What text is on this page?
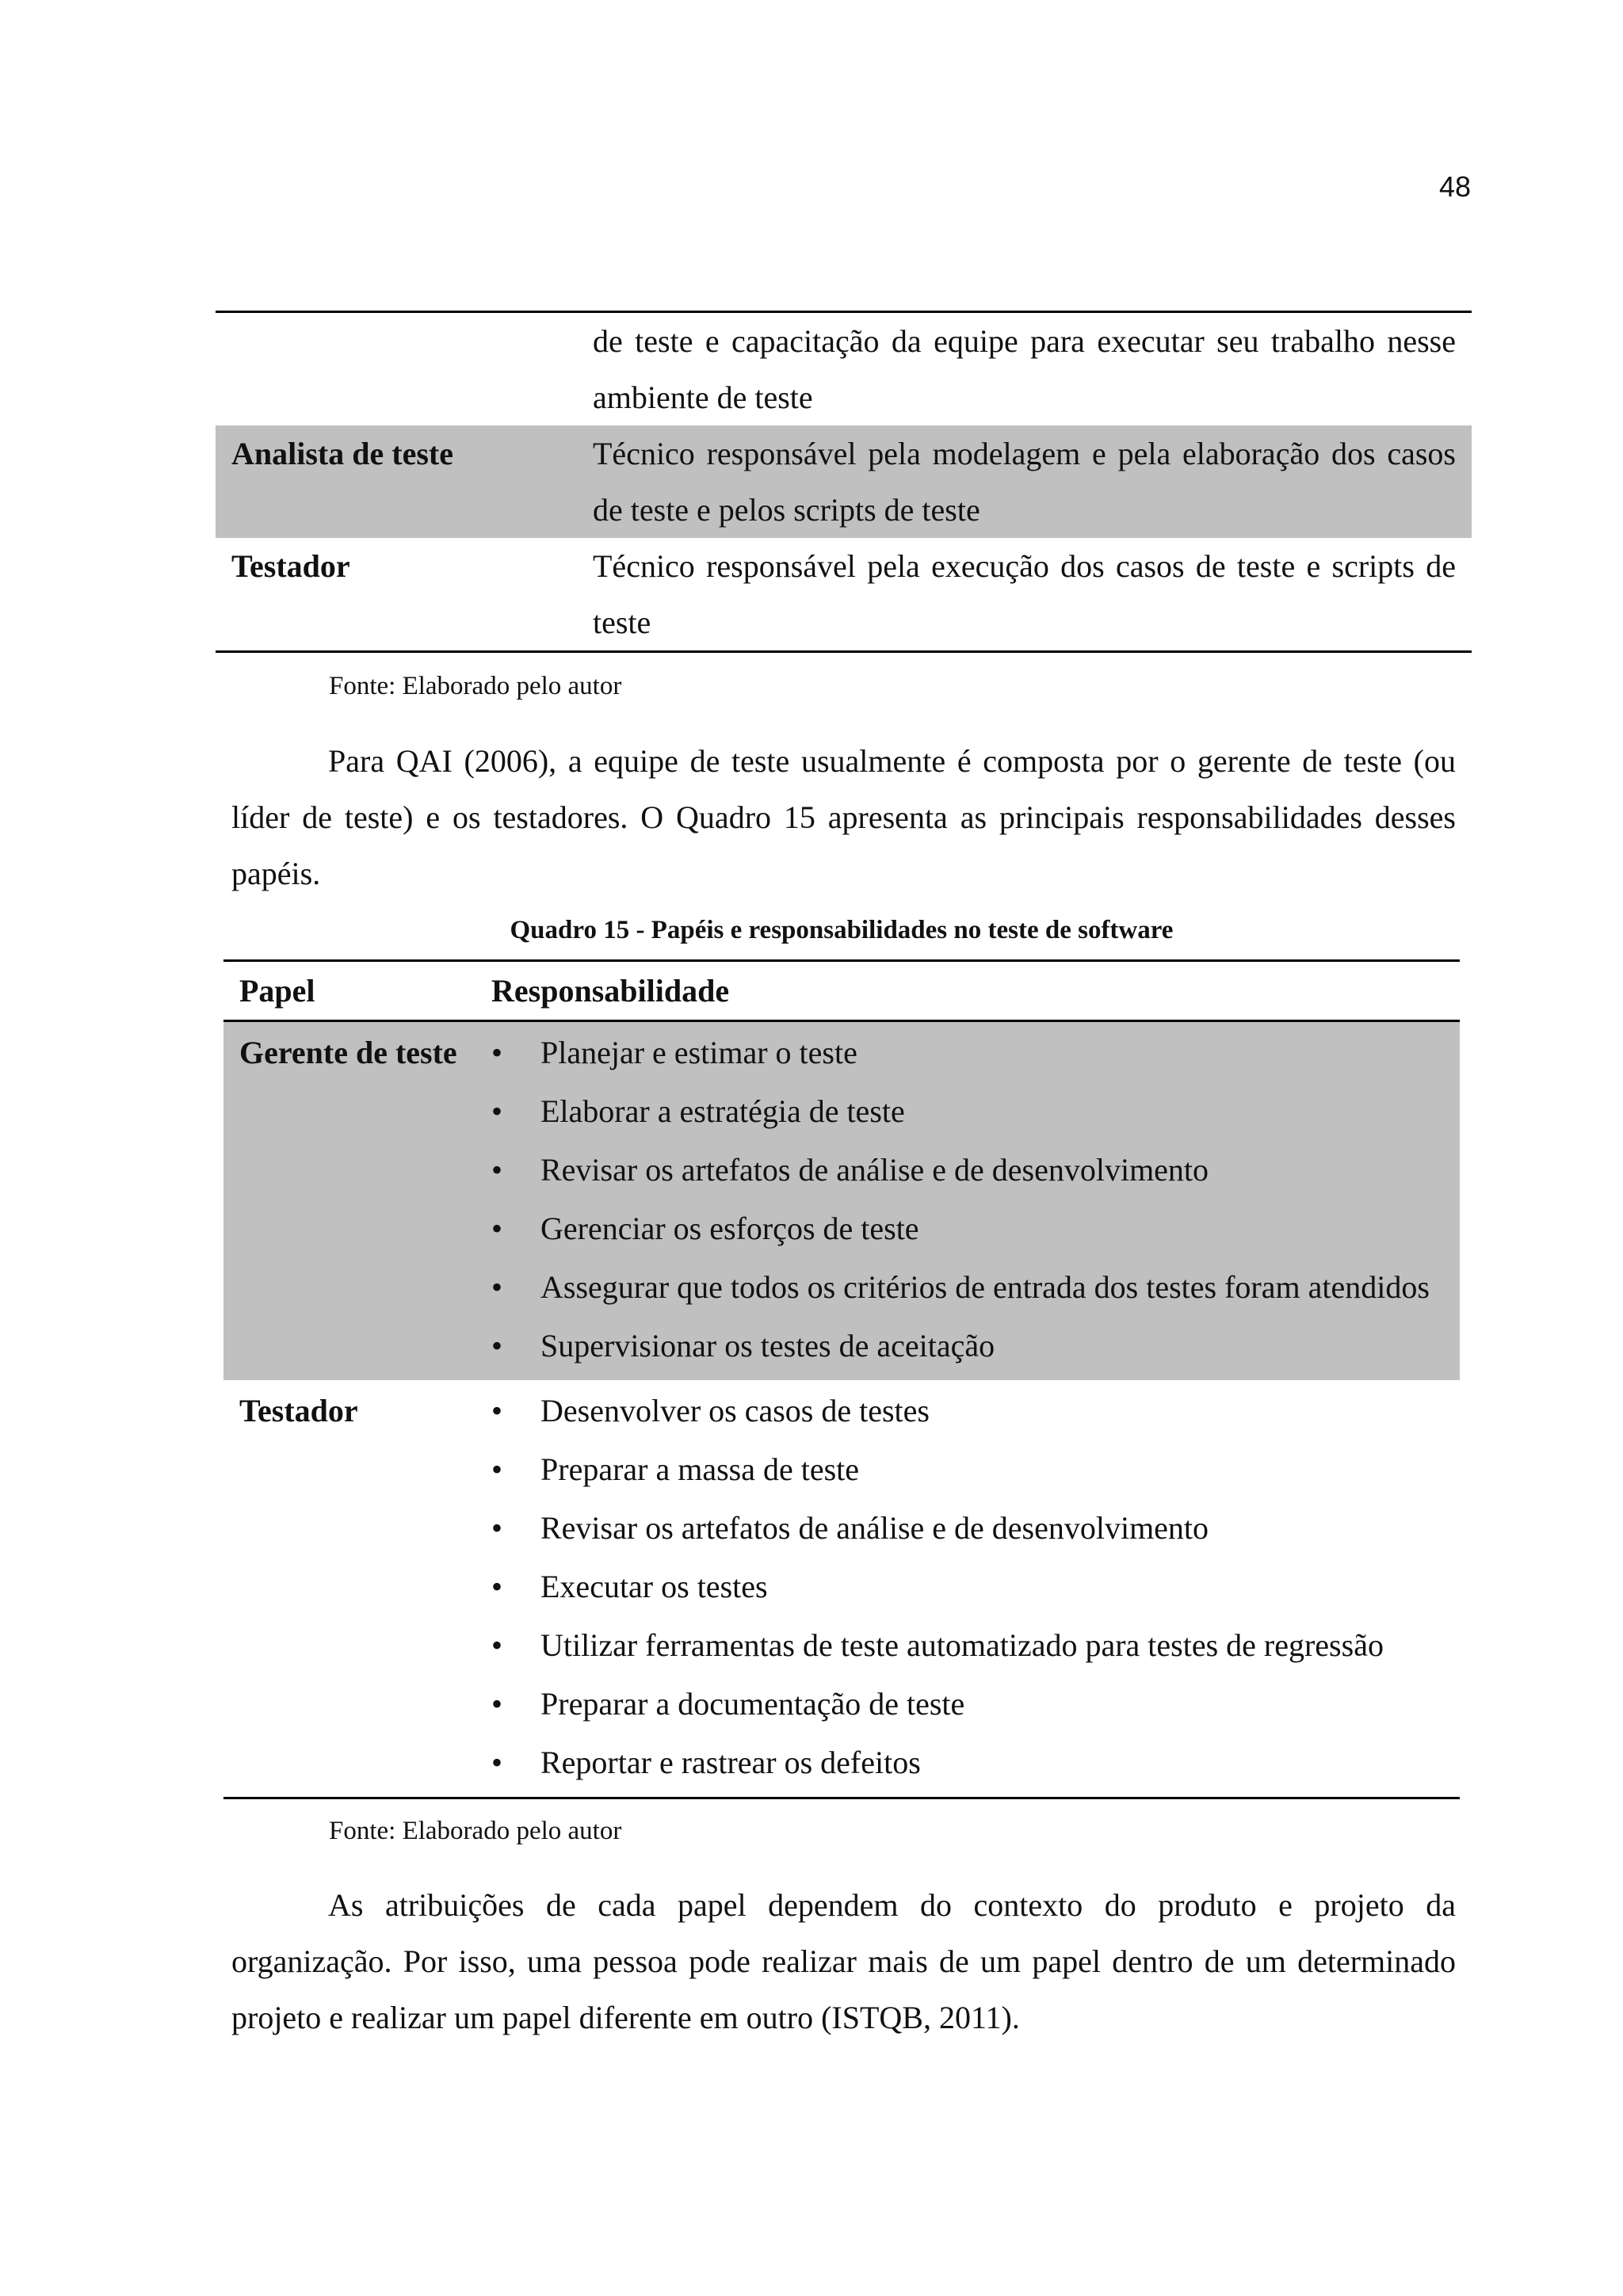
48
de teste e capacitação da equipe para executar seu trabalho nesse ambiente de teste
Analista de teste	Técnico responsável pela modelagem e pela elaboração dos casos de teste e pelos scripts de teste
Testador	Técnico responsável pela execução dos casos de teste e scripts de teste
Fonte: Elaborado pelo autor

Para QAI (2006), a equipe de teste usualmente é composta por o gerente de teste (ou líder de teste) e os testadores. O Quadro 15 apresenta as principais responsabilidades desses papéis.

Quadro 15 - Papéis e responsabilidades no teste de software
Papel	Responsabilidade
Gerente de teste	•	Planejar e estimar o teste
•	Elaborar a estratégia de teste
•	Revisar os artefatos de análise e de desenvolvimento
•	Gerenciar os esforços de teste
•	Assegurar que todos os critérios de entrada dos testes foram atendidos
•	Supervisionar os testes de aceitação
Testador	•	Desenvolver os casos de testes
•	Preparar a massa de teste
•	Revisar os artefatos de análise e de desenvolvimento
•	Executar os testes
•	Utilizar ferramentas de teste automatizado para testes de regressão
•	Preparar a documentação de teste
•	Reportar e rastrear os defeitos
Fonte: Elaborado pelo autor

As atribuições de cada papel dependem do contexto do produto e projeto da organização. Por isso, uma pessoa pode realizar mais de um papel dentro de um determinado projeto e realizar um papel diferente em outro (ISTQB, 2011).
